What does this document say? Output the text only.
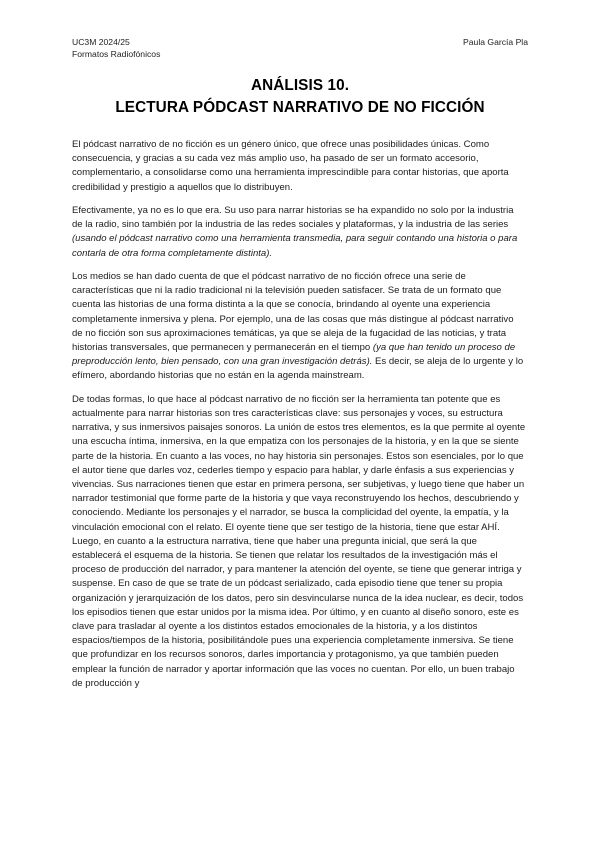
UC3M 2024/25
Formatos Radiofónicos
Paula García Pla
ANÁLISIS 10.
LECTURA PÓDCAST NARRATIVO DE NO FICCIÓN

El pódcast narrativo de no ficción es un género único, que ofrece unas posibilidades únicas. Como consecuencia, y gracias a su cada vez más amplio uso, ha pasado de ser un formato accesorio, complementario, a consolidarse como una herramienta imprescindible para contar historias, que aporta credibilidad y prestigio a aquellos que lo distribuyen.

Efectivamente, ya no es lo que era. Su uso para narrar historias se ha expandido no solo por la industria de la radio, sino también por la industria de las redes sociales y plataformas, y la industria de las series (usando el pódcast narrativo como una herramienta transmedia, para seguir contando una historia o para contarla de otra forma completamente distinta).

Los medios se han dado cuenta de que el pódcast narrativo de no ficción ofrece una serie de características que ni la radio tradicional ni la televisión pueden satisfacer. Se trata de un formato que cuenta las historias de una forma distinta a la que se conocía, brindando al oyente una experiencia completamente inmersiva y plena. Por ejemplo, una de las cosas que más distingue al pódcast narrativo de no ficción son sus aproximaciones temáticas, ya que se aleja de la fugacidad de las noticias, y trata historias transversales, que permanecen y permanecerán en el tiempo (ya que han tenido un proceso de preproducción lento, bien pensado, con una gran investigación detrás). Es decir, se aleja de lo urgente y lo efímero, abordando historias que no están en la agenda mainstream.

De todas formas, lo que hace al pódcast narrativo de no ficción ser la herramienta tan potente que es actualmente para narrar historias son tres características clave: sus personajes y voces, su estructura narrativa, y sus inmersivos paisajes sonoros. La unión de estos tres elementos, es la que permite al oyente una escucha íntima, inmersiva, en la que empatiza con los personajes de la historia, y en la que se siente parte de la historia. En cuanto a las voces, no hay historia sin personajes. Estos son esenciales, por lo que el autor tiene que darles voz, cederles tiempo y espacio para hablar, y darle énfasis a sus experiencias y vivencias. Sus narraciones tienen que estar en primera persona, ser subjetivas, y luego tiene que haber un narrador testimonial que forme parte de la historia y que vaya reconstruyendo los hechos, descubriendo y conociendo. Mediante los personajes y el narrador, se busca la complicidad del oyente, la empatía, y la vinculación emocional con el relato. El oyente tiene que ser testigo de la historia, tiene que estar AHÍ. Luego, en cuanto a la estructura narrativa, tiene que haber una pregunta inicial, que será la que establecerá el esquema de la historia. Se tienen que relatar los resultados de la investigación más el proceso de producción del narrador, y para mantener la atención del oyente, se tiene que generar intriga y suspense. En caso de que se trate de un pódcast serializado, cada episodio tiene que tener su propia organización y jerarquización de los datos, pero sin desvincularse nunca de la idea nuclear, es decir, todos los episodios tienen que estar unidos por la misma idea. Por último, y en cuanto al diseño sonoro, este es clave para trasladar al oyente a los distintos estados emocionales de la historia, y a los distintos espacios/tiempos de la historia, posibilitándole pues una experiencia completamente inmersiva. Se tiene que profundizar en los recursos sonoros, darles importancia y protagonismo, ya que también pueden emplear la función de narrador y aportar información que las voces no cuentan. Por ello, un buen trabajo de producción y
